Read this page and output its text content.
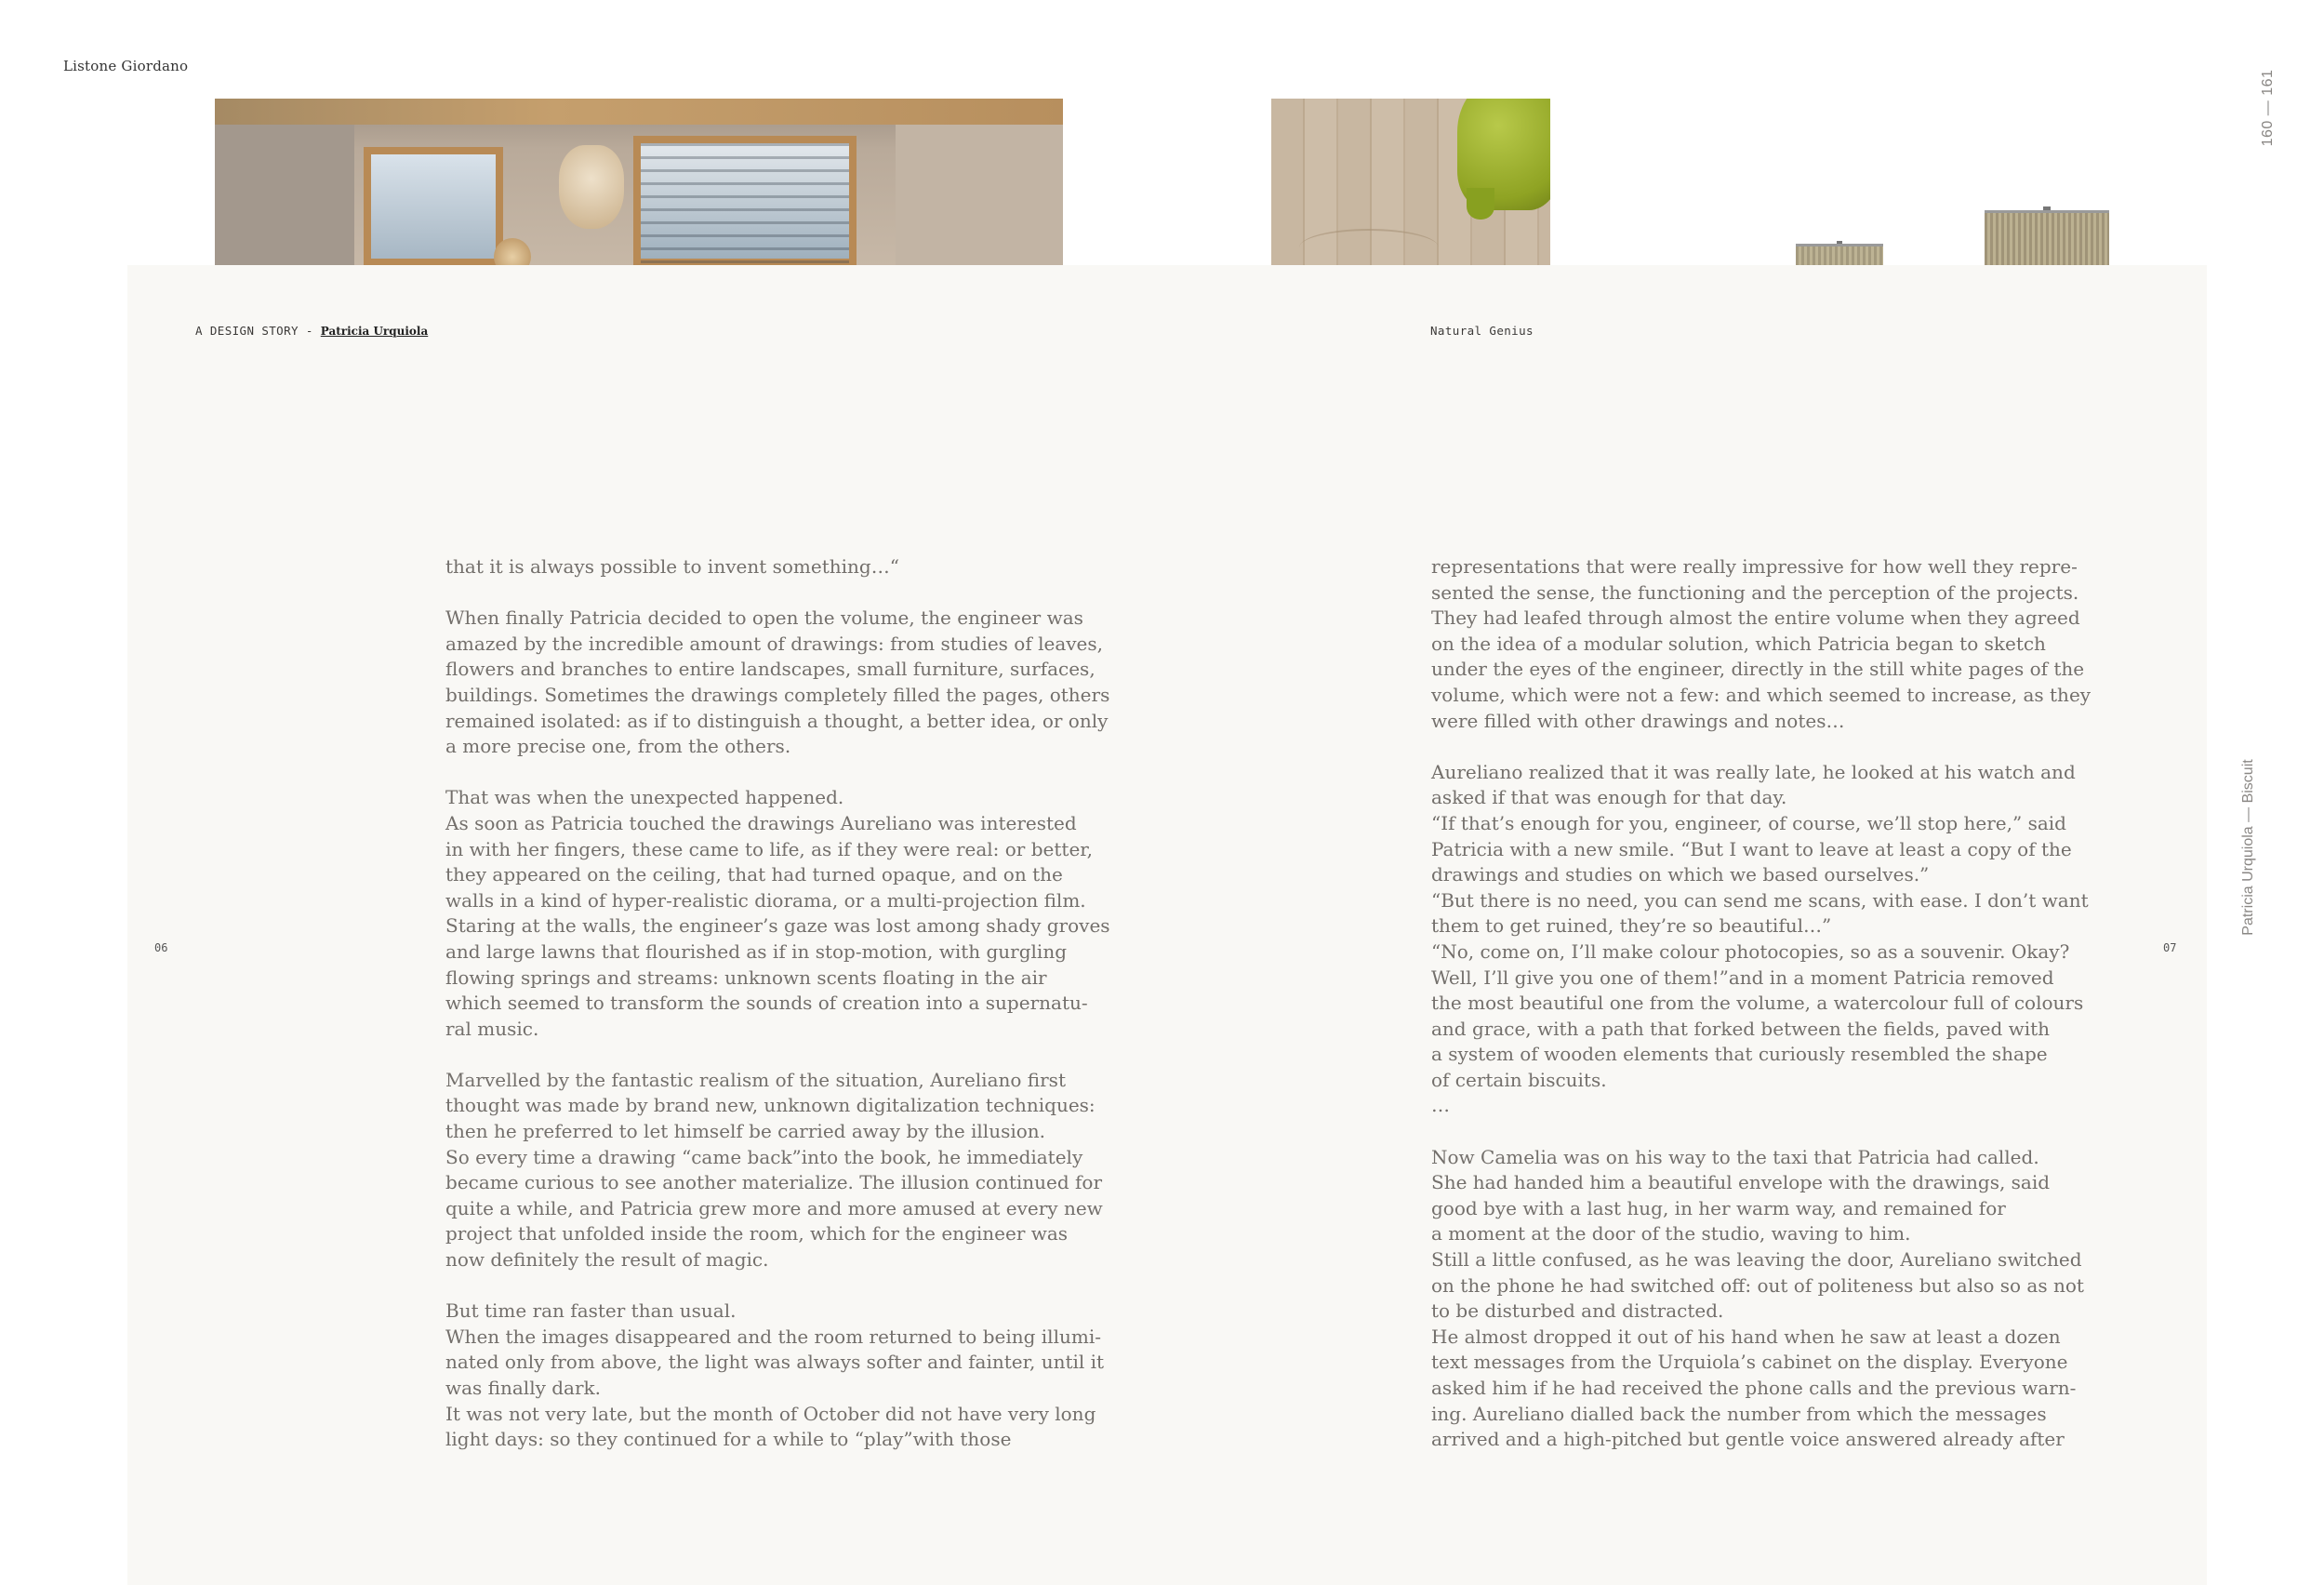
Listone Giordano
160 — 161
A DESIGN STORY - Patricia Urquiola	Natural Genius
06	07
Patricia Urquiola — Biscuit

that it is always possible to invent something…“

When finally Patricia decided to open the volume, the engineer was
amazed by the incredible amount of drawings: from studies of leaves,
flowers and branches to entire landscapes, small furniture, surfaces,
buildings. Sometimes the drawings completely filled the pages, others
remained isolated: as if to distinguish a thought, a better idea, or only
a more precise one, from the others.

That was when the unexpected happened.
As soon as Patricia touched the drawings Aureliano was interested
in with her fingers, these came to life, as if they were real: or better,
they appeared on the ceiling, that had turned opaque, and on the
walls in a kind of hyper-realistic diorama, or a multi-projection film.
Staring at the walls, the engineer’s gaze was lost among shady groves
and large lawns that flourished as if in stop-motion, with gurgling
flowing springs and streams: unknown scents floating in the air
which seemed to transform the sounds of creation into a supernatu-
ral music.

Marvelled by the fantastic realism of the situation, Aureliano first
thought was made by brand new, unknown digitalization techniques:
then he preferred to let himself be carried away by the illusion.
So every time a drawing “came back”into the book, he immediately
became curious to see another materialize. The illusion continued for
quite a while, and Patricia grew more and more amused at every new
project that unfolded inside the room, which for the engineer was
now definitely the result of magic.

But time ran faster than usual.
When the images disappeared and the room returned to being illumi-
nated only from above, the light was always softer and fainter, until
was finally dark.
It was not very late, but the month of October did not have very long
light days: so they continued for a while to “play”with those

representations that were really impressive for how well they repre-
sented the sense, the functioning and the perception of the projects.
They had leafed through almost the entire volume when they agreed
on the idea of a modular solution, which Patricia began to sketch
under the eyes of the engineer, directly in the still white pages of the
volume, which were not a few: and which seemed to increase, as they
were filled with other drawings and notes…

Aureliano realized that it was really late, he looked at his watch and
asked if that was enough for that day.
“If that’s enough for you, engineer, of course, we’ll stop here,” said
Patricia with a new smile. “But I want to leave at least a copy of the
drawings and studies on which we based ourselves.”
“But there is no need, you can send me scans, with ease. I don’t want
them to get ruined, they’re so beautiful…”
“No, come on, I’ll make colour photocopies, so as a souvenir. Okay?
Well, I’ll give you one of them!”and in a moment Patricia removed
the most beautiful one from the volume, a watercolour full of colours
and grace, with a path that forked between the fields, paved with
a system of wooden elements that curiously resembled the shape
of certain biscuits.
…

Now Camelia was on his way to the taxi that Patricia had called.
She had handed him a beautiful envelope with the drawings, said
good bye with a last hug, in her warm way, and remained for
a moment at the door of the studio, waving to him.
Still a little confused, as he was leaving the door, Aureliano switched
on the phone he had switched off: out of politeness but also so as not
to be disturbed and distracted.
He almost dropped it out of his hand when he saw at least a dozen
text messages from the Urquiola’s cabinet on the display. Everyone
asked him if he had received the phone calls and the previous warn-
ing. Aureliano dialled back the number from which the messages
arrived and a high-pitched but gentle voice answered already after
